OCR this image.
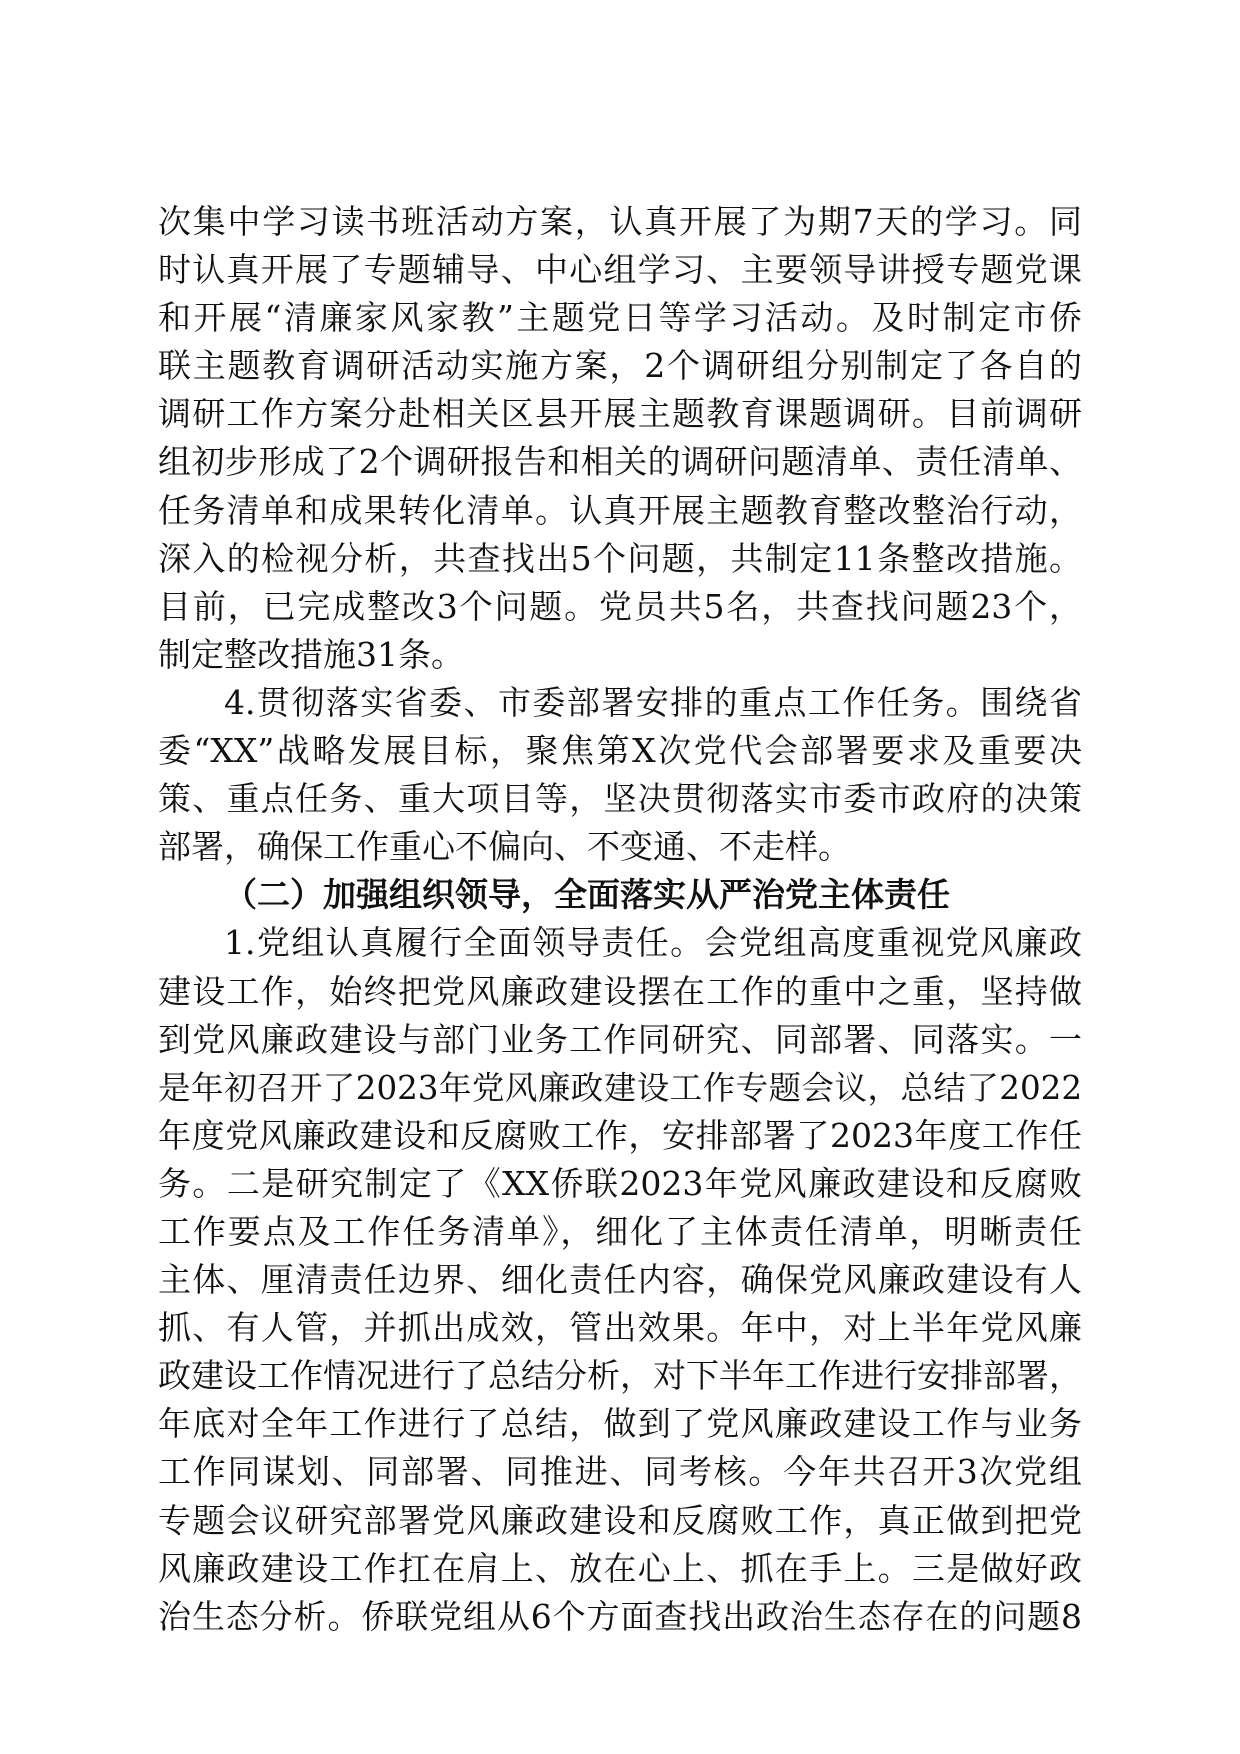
次集中学习读书班活动方案，认真开展了为期7天的学习。同
时认真开展了专题辅导、中心组学习、主要领导讲授专题党课
和开展“清廉家风家教”主题党日等学习活动。及时制定市侨
联主题教育调研活动实施方案，2个调研组分别制定了各自的
调研工作方案分赴相关区县开展主题教育课题调研。目前调研
组初步形成了2个调研报告和相关的调研问题清单、责任清单、
任务清单和成果转化清单。认真开展主题教育整改整治行动，
深入的检视分析，共查找出5个问题，共制定11条整改措施。
目前，已完成整改3个问题。党员共5名，共查找问题23个，
制定整改措施31条。
4.贯彻落实省委、市委部署安排的重点工作任务。围绕省
委“XX”战略发展目标，聚焦第X次党代会部署要求及重要决
策、重点任务、重大项目等，坚决贯彻落实市委市政府的决策
部署，确保工作重心不偏向、不变通、不走样。
（二）加强组织领导，全面落实从严治党主体责任
1.党组认真履行全面领导责任。会党组高度重视党风廉政
建设工作，始终把党风廉政建设摆在工作的重中之重，坚持做
到党风廉政建设与部门业务工作同研究、同部署、同落实。一
是年初召开了2023年党风廉政建设工作专题会议，总结了2022
年度党风廉政建设和反腐败工作，安排部署了2023年度工作任
务。二是研究制定了《XX侨联2023年党风廉政建设和反腐败
工作要点及工作任务清单》，细化了主体责任清单，明晰责任
主体、厘清责任边界、细化责任内容，确保党风廉政建设有人
抓、有人管，并抓出成效，管出效果。年中，对上半年党风廉
政建设工作情况进行了总结分析，对下半年工作进行安排部署，
年底对全年工作进行了总结，做到了党风廉政建设工作与业务
工作同谋划、同部署、同推进、同考核。今年共召开3次党组
专题会议研究部署党风廉政建设和反腐败工作，真正做到把党
风廉政建设工作扛在肩上、放在心上、抓在手上。三是做好政
治生态分析。侨联党组从6个方面查找出政治生态存在的问题8
